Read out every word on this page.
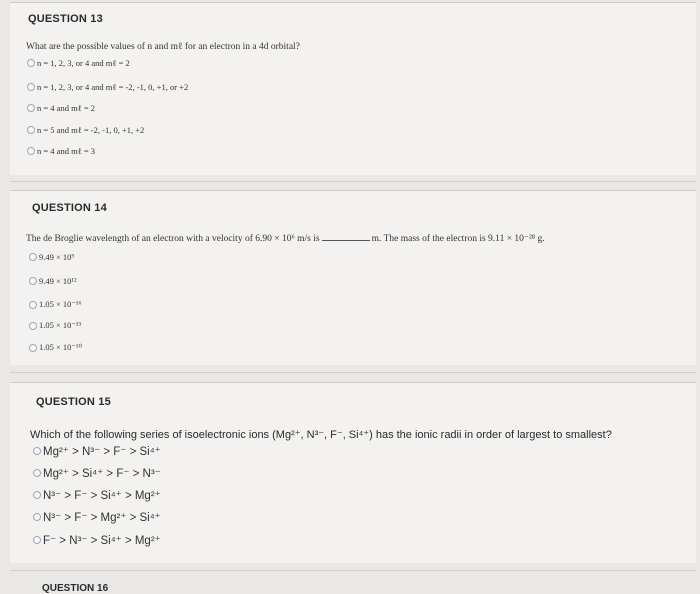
QUESTION 13
What are the possible values of n and mℓ for an electron in a 4d orbital?
n = 1, 2, 3, or 4 and mℓ = 2
n = 1, 2, 3, or 4 and mℓ = -2, -1, 0, +1, or +2
n = 4 and mℓ = 2
n = 5 and mℓ = -2, -1, 0, +1, +2
n = 4 and mℓ = 3
QUESTION 14
The de Broglie wavelength of an electron with a velocity of 6.90 × 10⁶ m/s is	m. The mass of the electron is 9.11 × 10⁻²⁸ g.
9.49 × 10⁹
9.49 × 10¹²
1.05 × 10⁻¹⁶
1.05 × 10⁻¹³
1.05 × 10⁻¹⁰
QUESTION 15
Which of the following series of isoelectronic ions (Mg²⁺, N³⁻, F⁻, Si⁴⁺) has the ionic radii in order of largest to smallest?
Mg²⁺ > N³⁻ > F⁻ > Si⁴⁺
Mg²⁺ > Si⁴⁺ > F⁻ > N³⁻
N³⁻ > F⁻ > Si⁴⁺ > Mg²⁺
N³⁻ > F⁻ > Mg²⁺ > Si⁴⁺
F⁻ > N³⁻ > Si⁴⁺ > Mg²⁺
QUESTION 16
